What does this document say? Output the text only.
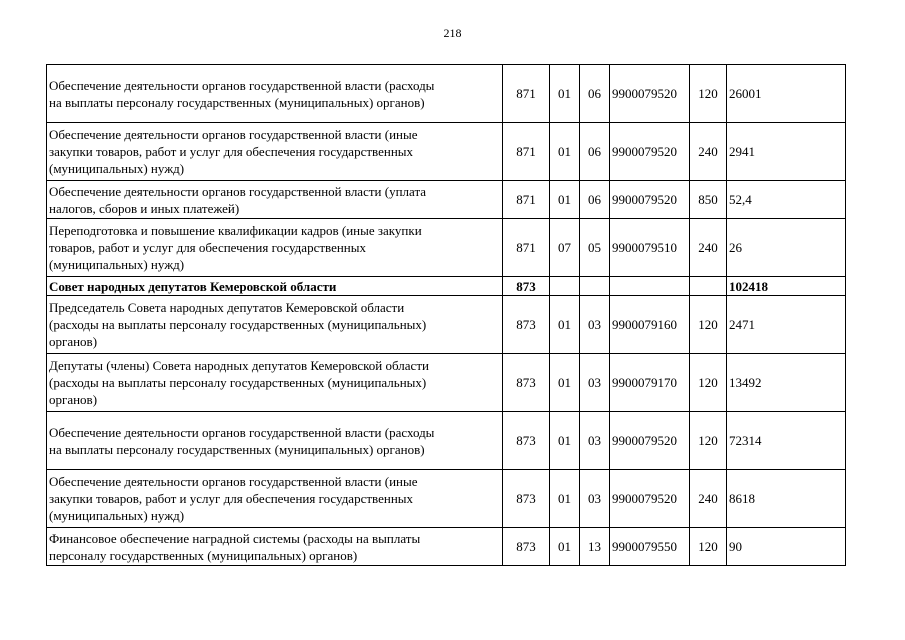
218
Обеспечение деятельности органов государственной власти (расходы
на выплаты персоналу государственных (муниципальных) органов)	871	01	06	9900079520	120	26001
Обеспечение деятельности органов государственной власти (иные
закупки товаров, работ и услуг для обеспечения государственных
(муниципальных) нужд)	871	01	06	9900079520	240	2941
Обеспечение деятельности органов государственной власти (уплата
налогов, сборов и иных платежей)	871	01	06	9900079520	850	52,4
Переподготовка и повышение квалификации кадров (иные закупки
товаров, работ и услуг для обеспечения государственных
(муниципальных) нужд)	871	07	05	9900079510	240	26
Совет народных депутатов Кемеровской области	873					102418
Председатель Совета народных депутатов Кемеровской области
(расходы на выплаты персоналу государственных (муниципальных)
органов)	873	01	03	9900079160	120	2471
Депутаты (члены) Совета народных депутатов Кемеровской области
(расходы на выплаты персоналу государственных (муниципальных)
органов)	873	01	03	9900079170	120	13492
Обеспечение деятельности органов государственной власти (расходы
на выплаты персоналу государственных (муниципальных) органов)	873	01	03	9900079520	120	72314
Обеспечение деятельности органов государственной власти (иные
закупки товаров, работ и услуг для обеспечения государственных
(муниципальных) нужд)	873	01	03	9900079520	240	8618
Финансовое обеспечение наградной системы (расходы на выплаты
персоналу государственных (муниципальных) органов)	873	01	13	9900079550	120	90
